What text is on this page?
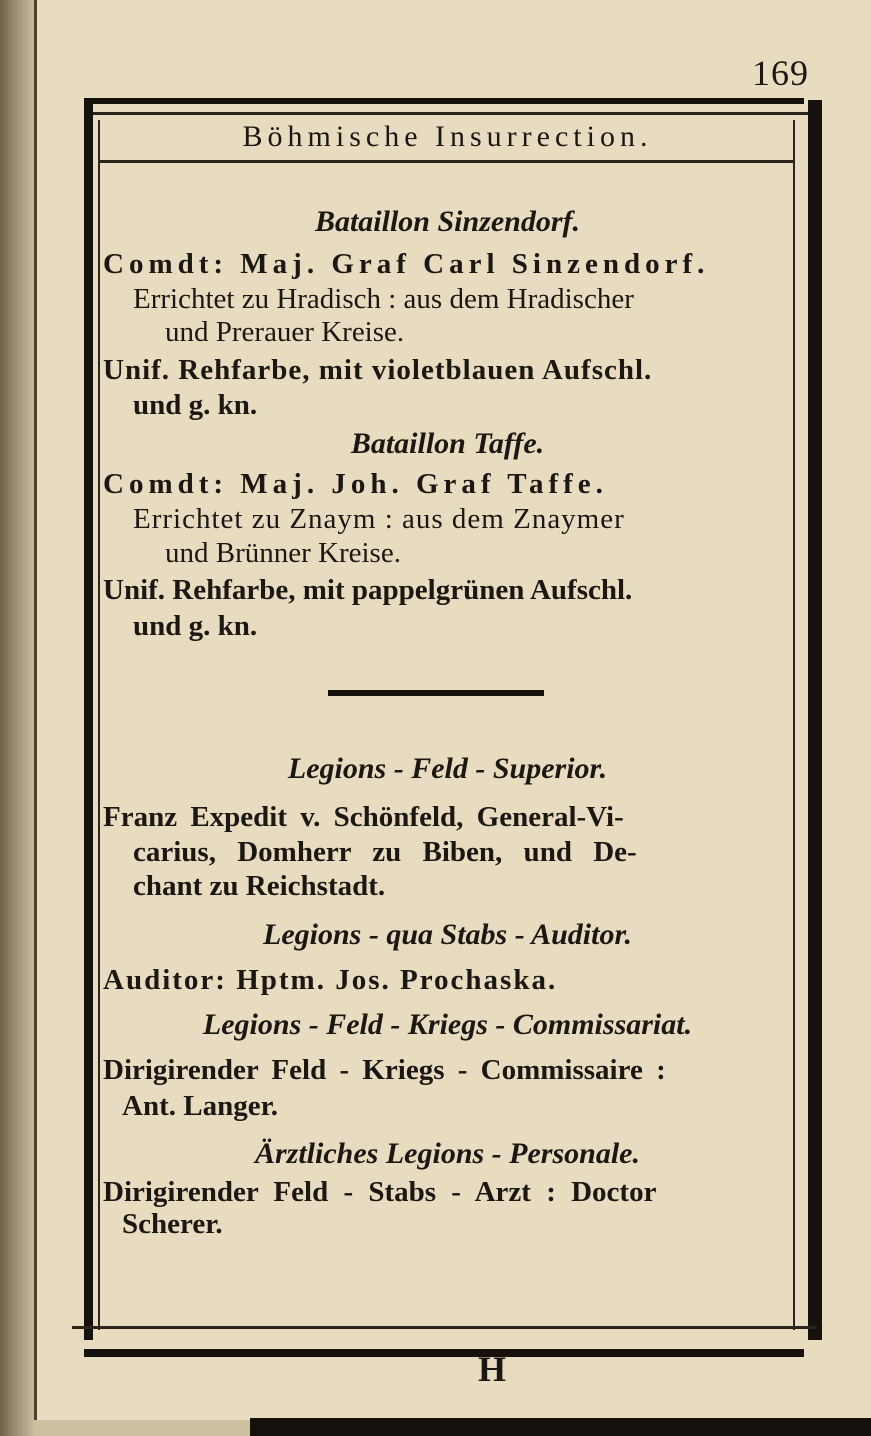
169
Böhmische Insurrection.
Bataillon Sinzendorf.
Comdt: Maj. Graf Carl Sinzendorf.
Errichtet zu Hradisch : aus dem Hradischer
und Prerauer Kreise.
Unif. Rehfarbe, mit violetblauen Aufschl.
und g. kn.
Bataillon Taffe.
Comdt: Maj. Joh. Graf Taffe.
Errichtet zu Znaym : aus dem Znaymer
und Brünner Kreise.
Unif. Rehfarbe, mit pappelgrünen Aufschl.
und g. kn.
Legions - Feld - Superior.
Franz Expedit v. Schönfeld, General-Vi-
carius, Domherr zu Biben, und De-
chant zu Reichstadt.
Legions - qua Stabs - Auditor.
Auditor: Hptm. Jos. Prochaska.
Legions - Feld - Kriegs - Commissariat.
Dirigirender Feld - Kriegs - Commissaire :
Ant. Langer.
Ärztliches Legions - Personale.
Dirigirender Feld - Stabs - Arzt : Doctor
Scherer.
H
